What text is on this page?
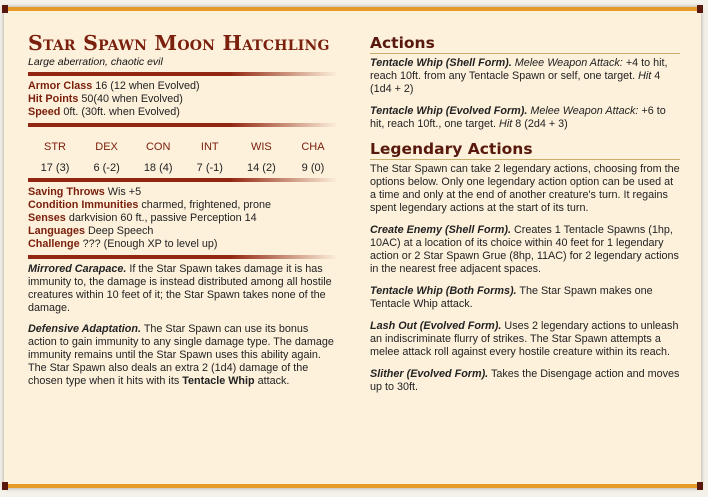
Star Spawn Moon Hatchling
Large aberration, chaotic evil
Armor Class 16 (12 when Evolved)
Hit Points 50(40 when Evolved)
Speed 0ft. (30ft. when Evolved)
STR
17 (3)
DEX
6 (-2)
CON
18 (4)
INT
7 (-1)
WIS
14 (2)
CHA
9 (0)
Saving Throws Wis +5
Condition Immunities charmed, frightened, prone
Senses darkvision 60 ft., passive Perception 14
Languages Deep Speech
Challenge ??? (Enough XP to level up)

Mirrored Carapace. If the Star Spawn takes damage it is has immunity to, the damage is instead distributed among all hostile creatures within 10 feet of it; the Star Spawn takes none of the damage.

Defensive Adaptation. The Star Spawn can use its bonus action to gain immunity to any single damage type. The damage immunity remains until the Star Spawn uses this ability again. The Star Spawn also deals an extra 2 (1d4) damage of the chosen type when it hits with its Tentacle Whip attack.

Actions

Tentacle Whip (Shell Form). Melee Weapon Attack: +4 to hit, reach 10ft. from any Tentacle Spawn or self, one target. Hit 4 (1d4 + 2)

Tentacle Whip (Evolved Form). Melee Weapon Attack: +6 to hit, reach 10ft., one target. Hit 8 (2d4 + 3)

Legendary Actions

The Star Spawn can take 2 legendary actions, choosing from the options below. Only one legendary action option can be used at a time and only at the end of another creature's turn. It regains spent legendary actions at the start of its turn.

Create Enemy (Shell Form). Creates 1 Tentacle Spawns (1hp, 10AC) at a location of its choice within 40 feet for 1 legendary action or 2 Star Spawn Grue (8hp, 11AC) for 2 legendary actions in the nearest free adjacent spaces.

Tentacle Whip (Both Forms). The Star Spawn makes one Tentacle Whip attack.

Lash Out (Evolved Form). Uses 2 legendary actions to unleash an indiscriminate flurry of strikes. The Star Spawn attempts a melee attack roll against every hostile creature within its reach.

Slither (Evolved Form). Takes the Disengage action and moves up to 30ft.
